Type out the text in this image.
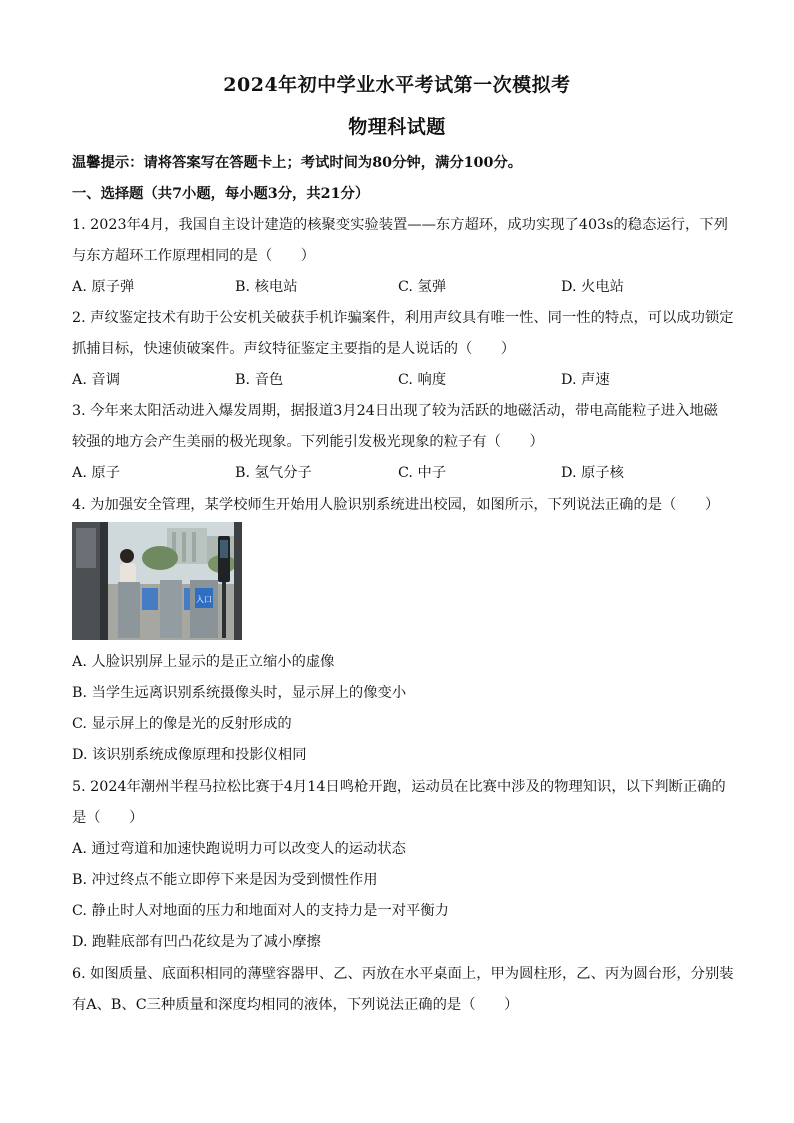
2024年初中学业水平考试第一次模拟考
物理科试题
温馨提示：请将答案写在答题卡上；考试时间为80分钟，满分100分。
一、选择题（共7小题，每小题3分，共21分）
1. 2023年4月，我国自主设计建造的核聚变实验装置——东方超环，成功实现了403s的稳态运行，下列
与东方超环工作原理相同的是（　　）
A. 原子弹	B. 核电站	C. 氢弹	D. 火电站
2. 声纹鉴定技术有助于公安机关破获手机诈骗案件，利用声纹具有唯一性、同一性的特点，可以成功锁定
抓捕目标，快速侦破案件。声纹特征鉴定主要指的是人说话的（　　）
A. 音调	B. 音色	C. 响度	D. 声速
3. 今年来太阳活动进入爆发周期，据报道3月24日出现了较为活跃的地磁活动，带电高能粒子进入地磁
较强的地方会产生美丽的极光现象。下列能引发极光现象的粒子有（　　）
A. 原子	B. 氢气分子	C. 中子	D. 原子核
4. 为加强安全管理，某学校师生开始用人脸识别系统进出校园，如图所示，下列说法正确的是（　　）
入口
A. 人脸识别屏上显示的是正立缩小的虚像
B. 当学生远离识别系统摄像头时，显示屏上的像变小
C. 显示屏上的像是光的反射形成的
D. 该识别系统成像原理和投影仪相同
5. 2024年潮州半程马拉松比赛于4月14日鸣枪开跑，运动员在比赛中涉及的物理知识，以下判断正确的
是（　　）
A. 通过弯道和加速快跑说明力可以改变人的运动状态
B. 冲过终点不能立即停下来是因为受到惯性作用
C. 静止时人对地面的压力和地面对人的支持力是一对平衡力
D. 跑鞋底部有凹凸花纹是为了减小摩擦
6. 如图质量、底面积相同的薄壁容器甲、乙、丙放在水平桌面上，甲为圆柱形，乙、丙为圆台形，分别装
有A、B、C三种质量和深度均相同的液体，下列说法正确的是（　　）
